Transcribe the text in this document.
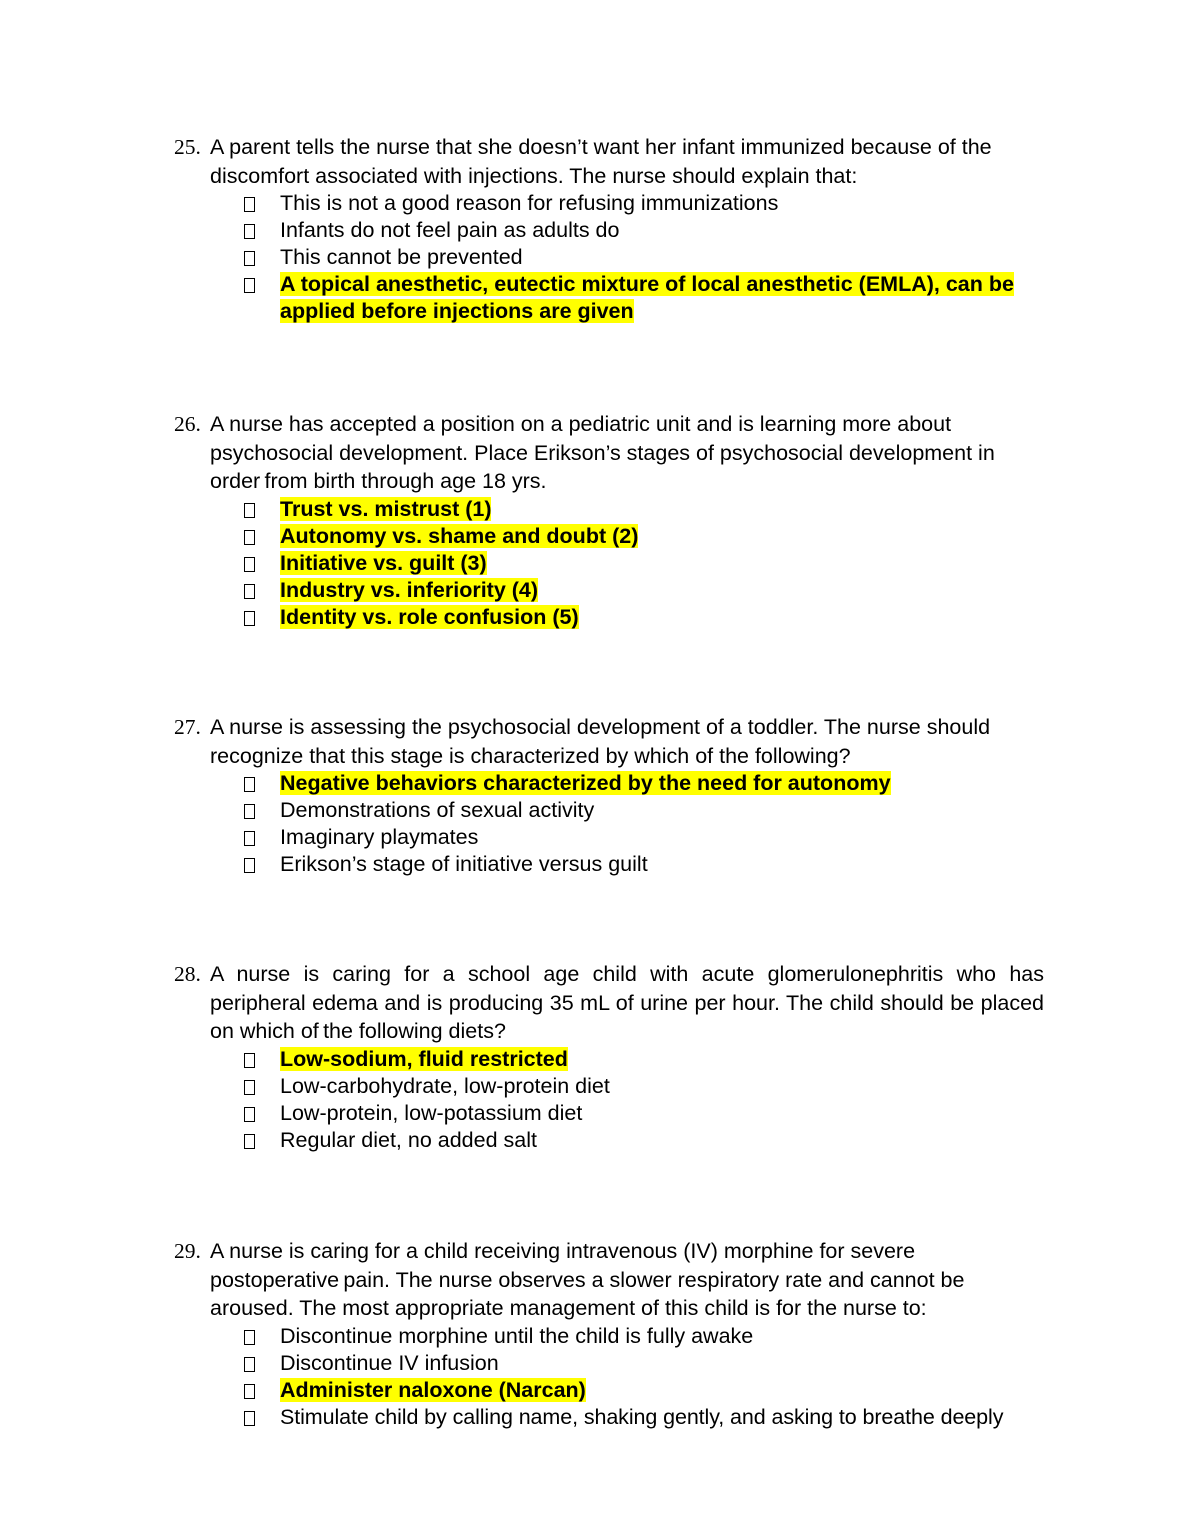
25. A parent tells the nurse that she doesn’t want her infant immunized because of the discomfort associated with injections. The nurse should explain that:
This is not a good reason for refusing immunizations
Infants do not feel pain as adults do
This cannot be prevented
A topical anesthetic, eutectic mixture of local anesthetic (EMLA), can be applied before injections are given
26. A nurse has accepted a position on a pediatric unit and is learning more about psychosocial development. Place Erikson’s stages of psychosocial development in order from birth through age 18 yrs.
Trust vs. mistrust (1)
Autonomy vs. shame and doubt (2)
Initiative vs. guilt (3)
Industry vs. inferiority (4)
Identity vs. role confusion (5)
27. A nurse is assessing the psychosocial development of a toddler. The nurse should recognize that this stage is characterized by which of the following?
Negative behaviors characterized by the need for autonomy
Demonstrations of sexual activity
Imaginary playmates
Erikson’s stage of initiative versus guilt
28. A nurse is caring for a school age child with acute glomerulonephritis who has peripheral edema and is producing 35 mL of urine per hour. The child should be placed on which of the following diets?
Low-sodium, fluid restricted
Low-carbohydrate, low-protein diet
Low-protein, low-potassium diet
Regular diet, no added salt
29. A nurse is caring for a child receiving intravenous (IV) morphine for severe postoperative pain. The nurse observes a slower respiratory rate and cannot be aroused. The most appropriate management of this child is for the nurse to:
Discontinue morphine until the child is fully awake
Discontinue IV infusion
Administer naloxone (Narcan)
Stimulate child by calling name, shaking gently, and asking to breathe deeply
